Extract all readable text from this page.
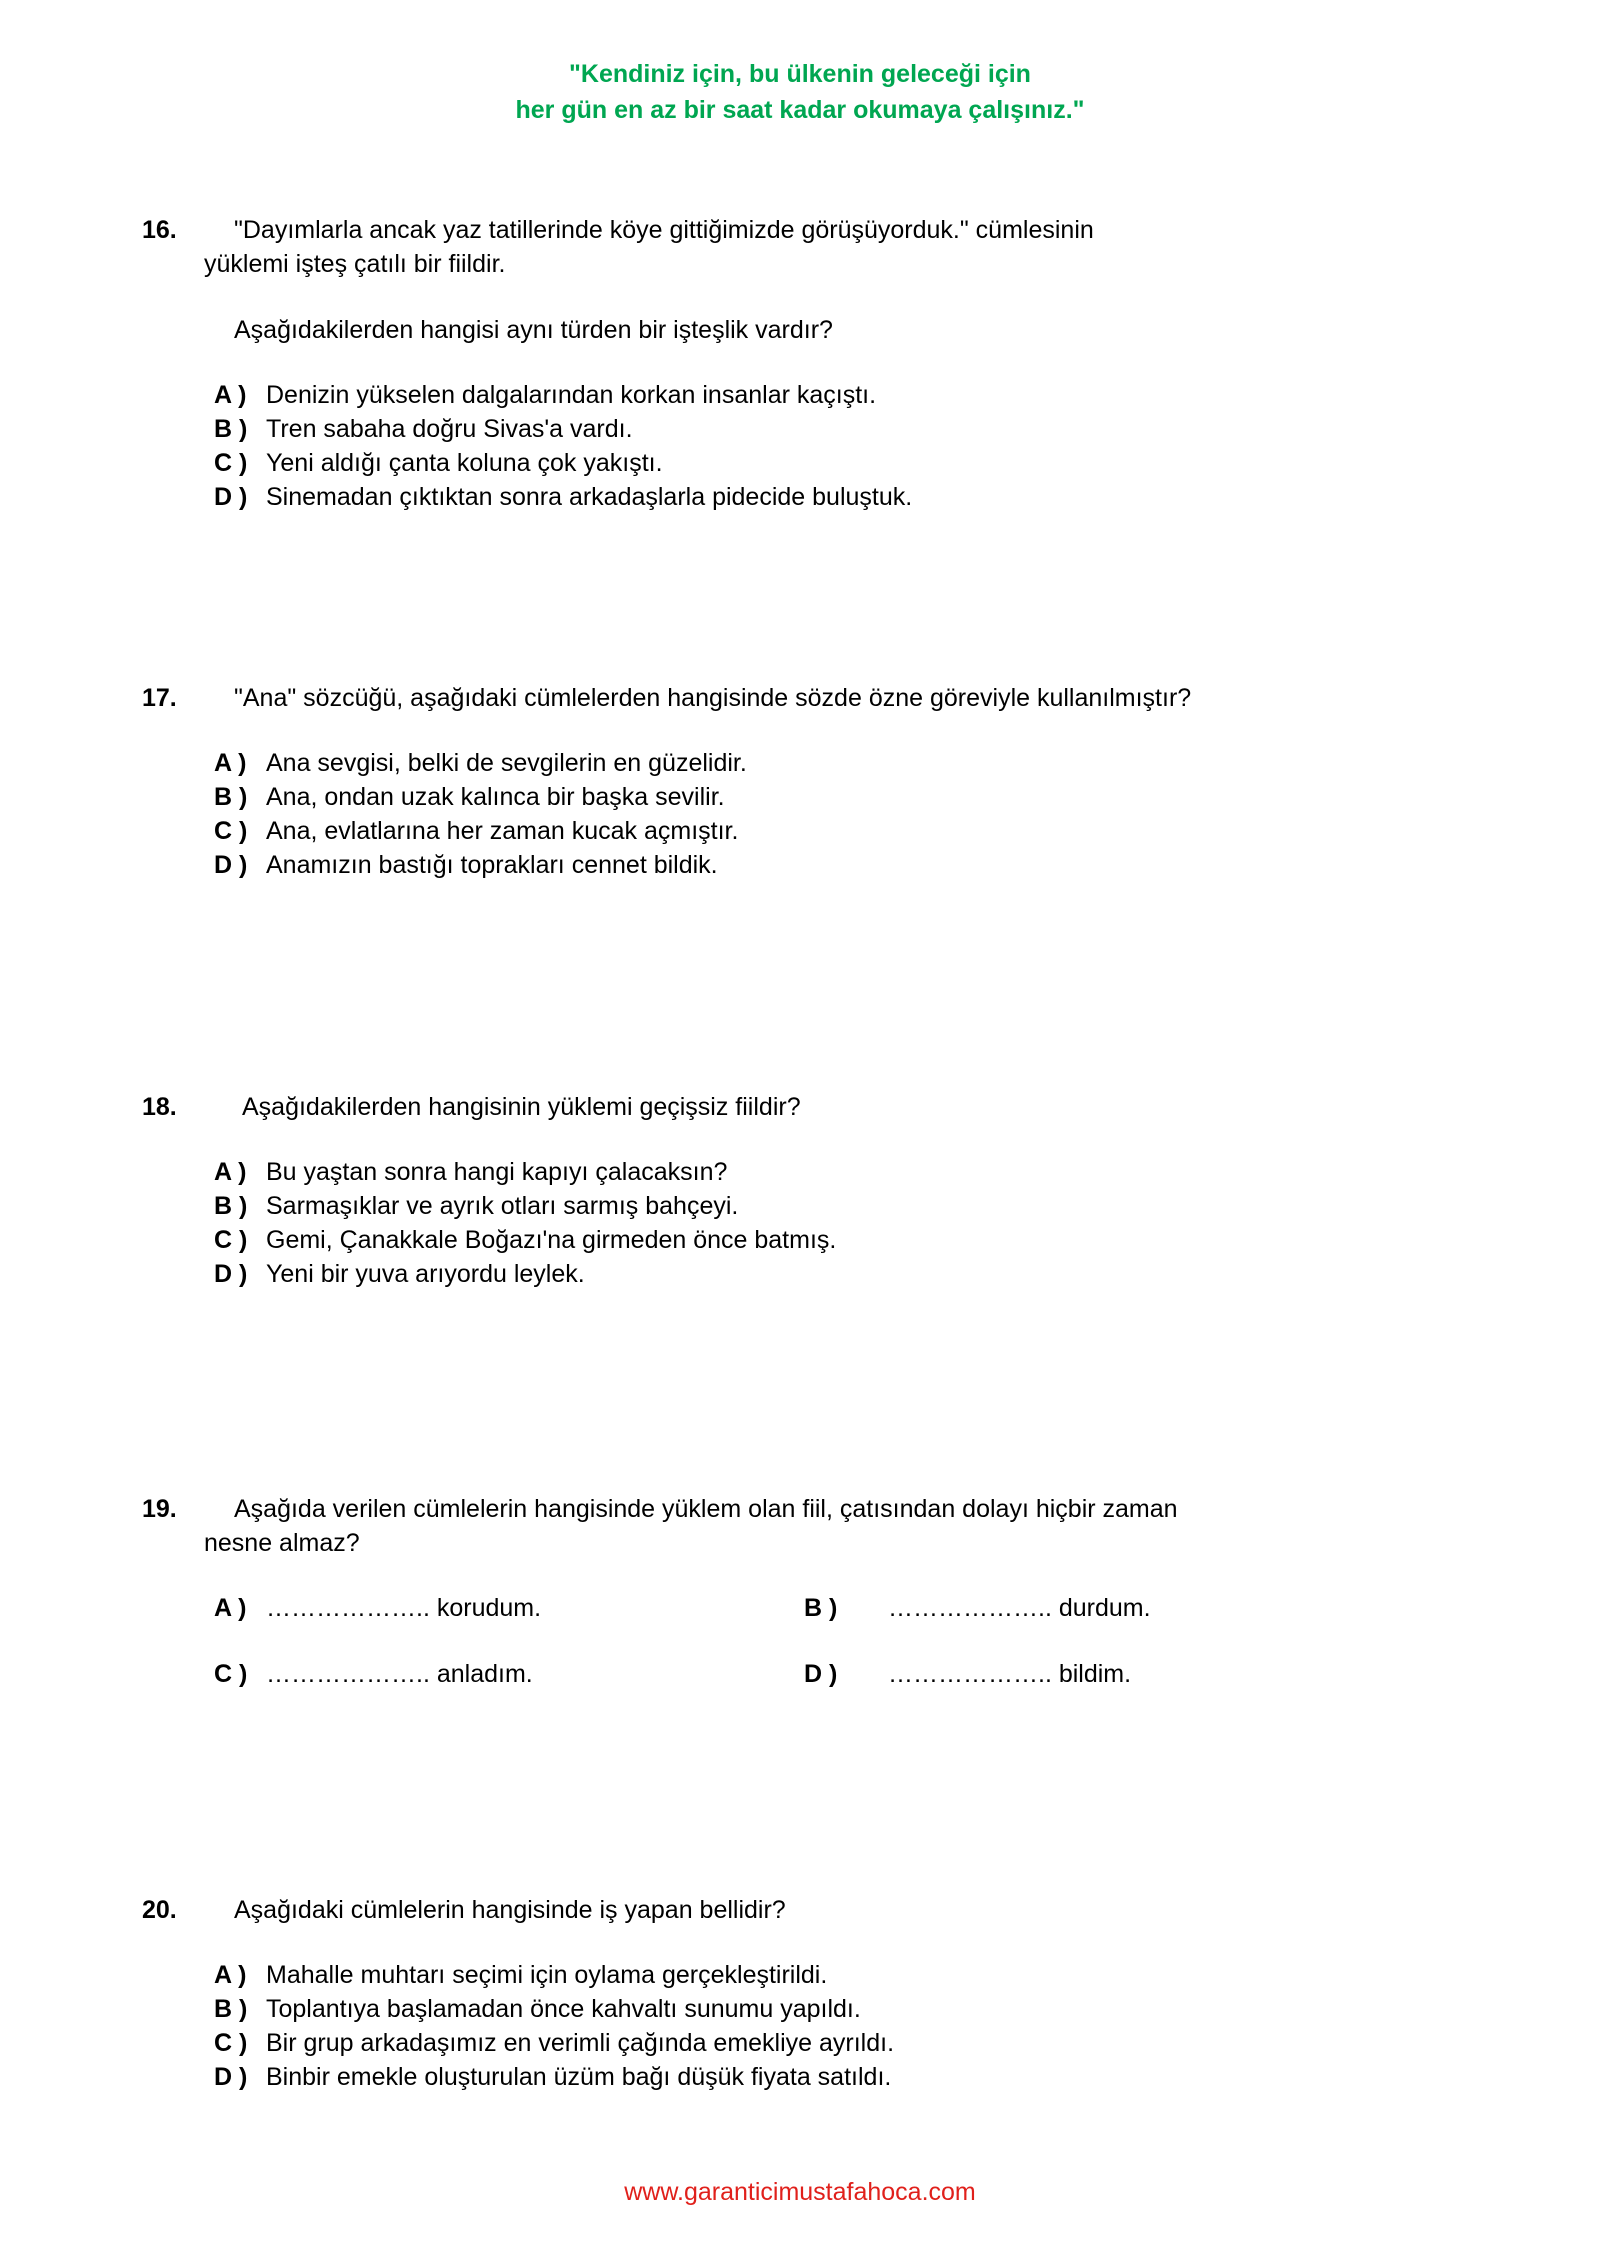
"Kendiniz için, bu ülkenin geleceği için
her gün en az bir saat kadar okumaya çalışınız."
16.	"Dayımlarla ancak yaz tatillerinde köye gittiğimizde görüşüyorduk." cümlesinin
yüklemi işteş çatılı bir fiildir.
Aşağıdakilerden hangisi aynı türden bir işteşlik vardır?
A ) Denizin yükselen dalgalarından korkan insanlar kaçıştı.
B ) Tren sabaha doğru Sivas'a vardı.
C ) Yeni aldığı çanta koluna çok yakıştı.
D ) Sinemadan çıktıktan sonra arkadaşlarla pidecide buluştuk.
17.	"Ana" sözcüğü, aşağıdaki cümlelerden hangisinde sözde özne göreviyle kullanılmıştır?
A ) Ana sevgisi, belki de sevgilerin en güzelidir.
B ) Ana, ondan uzak kalınca bir başka sevilir.
C ) Ana, evlatlarına her zaman kucak açmıştır.
D ) Anamızın bastığı toprakları cennet bildik.
18.	Aşağıdakilerden hangisinin yüklemi geçişsiz fiildir?
A ) Bu yaştan sonra hangi kapıyı çalacaksın?
B ) Sarmaşıklar ve ayrık otları sarmış bahçeyi.
C ) Gemi, Çanakkale Boğazı'na girmeden önce batmış.
D ) Yeni bir yuva arıyordu leylek.
19.	Aşağıda verilen cümlelerin hangisinde yüklem olan fiil, çatısından dolayı hiçbir zaman
nesne almaz?
A ) ……………….. korudum.	B )	……………….. durdum.
C ) ……………….. anladım.	D )	……………….. bildim.
20.	Aşağıdaki cümlelerin hangisinde iş yapan bellidir?
A ) Mahalle muhtarı seçimi için oylama gerçekleştirildi.
B ) Toplantıya başlamadan önce kahvaltı sunumu yapıldı.
C ) Bir grup arkadaşımız en verimli çağında emekliye ayrıldı.
D ) Binbir emekle oluşturulan üzüm bağı düşük fiyata satıldı.
www.garanticimustafahoca.com
